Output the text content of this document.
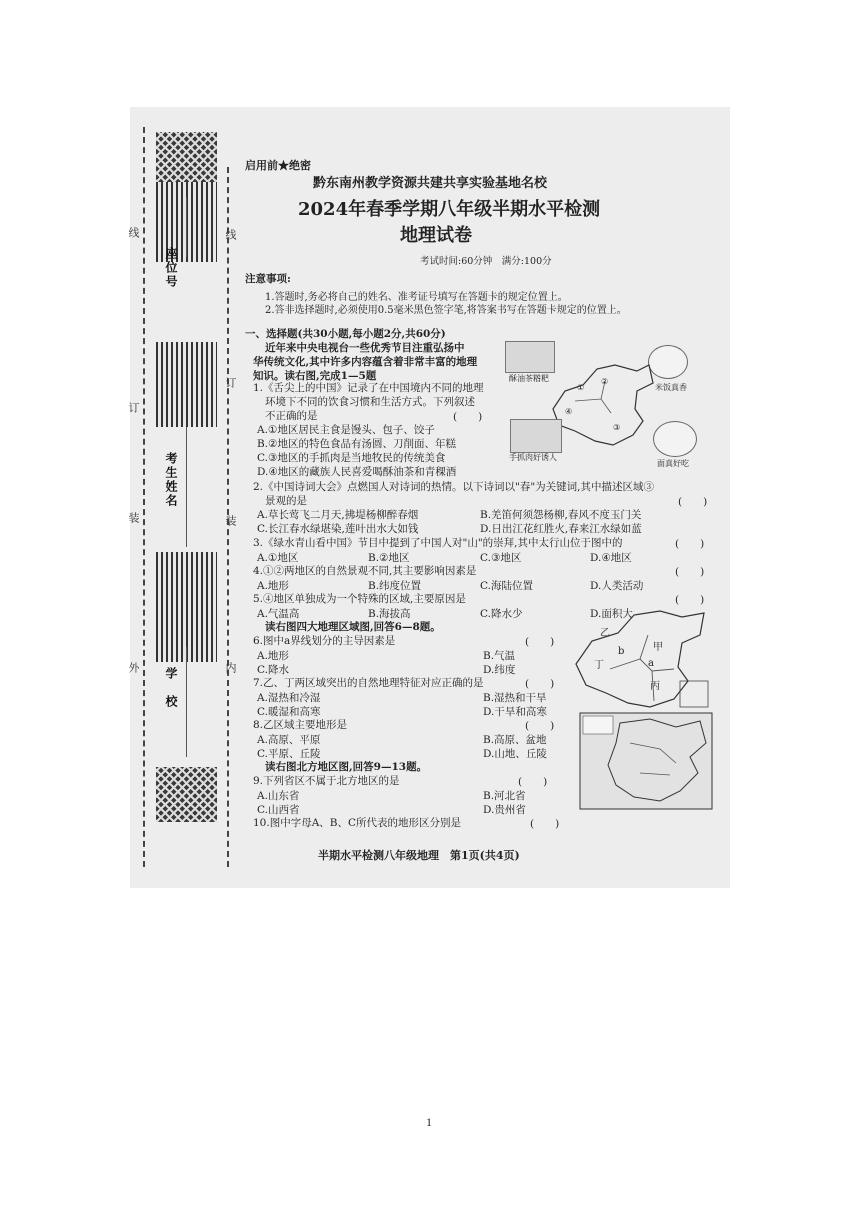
座位号
考生姓名
学　校
线
订
装
外
线
订
装
内
启用前★绝密
黔东南州教学资源共建共享实验基地名校
2024年春季学期八年级半期水平检测
地理试卷
考试时间:60分钟　满分:100分
注意事项:
1.答题时,务必将自己的姓名、准考证号填写在答题卡的规定位置上。
2.答非选择题时,必须使用0.5毫米黑色签字笔,将答案书写在答题卡规定的位置上。
一、选择题(共30小题,每小题2分,共60分)
近年来中央电视台一些优秀节目注重弘扬中
华传统文化,其中许多内容蕴含着非常丰富的地理
知识。读右图,完成1—5题	酥油茶糌粑
米饭真香
①
②
③
④
手抓肉好诱人
面真好吃
1.《舌尖上的中国》记录了在中国境内不同的地理
环境下不同的饮食习惯和生活方式。下列叙述
不正确的是	(　　)
A.①地区居民主食是馒头、包子、饺子
B.②地区的特色食品有汤圆、刀削面、年糕
C.③地区的手抓肉是当地牧民的传统美食
D.④地区的藏族人民喜爱喝酥油茶和青稞酒
2.《中国诗词大会》点燃国人对诗词的热情。以下诗词以"春"为关键词,其中描述区域③
景观的是	(　　)
A.草长莺飞二月天,拂堤杨柳醉春烟	B.羌笛何须怨杨柳,春风不度玉门关
C.长江春水绿堪染,莲叶出水大如钱	D.日出江花红胜火,春来江水绿如蓝
3.《绿水青山看中国》节目中提到了中国人对"山"的崇拜,其中太行山位于图中的	(　　)
A.①地区	B.②地区	C.③地区	D.④地区
4.①②两地区的自然景观不同,其主要影响因素是	(　　)
A.地形	B.纬度位置	C.海陆位置	D.人类活动
5.④地区单独成为一个特殊的区域,主要原因是	(　　)
A.气温高	B.海拔高	C.降水少	D.面积大
读右图四大地理区域图,回答6—8题。
乙
b	甲
a
丁
丙
6.图中a界线划分的主导因素是	(　　)
A.地形	B.气温
C.降水	D.纬度
7.乙、丁两区域突出的自然地理特征对应正确的是	(　　)
A.湿热和冷湿	B.湿热和干旱
C.暖湿和高寒	D.干旱和高寒
8.乙区域主要地形是	(　　)
A.高原、平原	B.高原、盆地
C.平原、丘陵	D.山地、丘陵
读右图北方地区图,回答9—13题。
9.下列省区不属于北方地区的是	(　　)
A.山东省	B.河北省
C.山西省	D.贵州省
10.图中字母A、B、C所代表的地形区分别是	(　　)
半期水平检测八年级地理　第1页(共4页)
1
